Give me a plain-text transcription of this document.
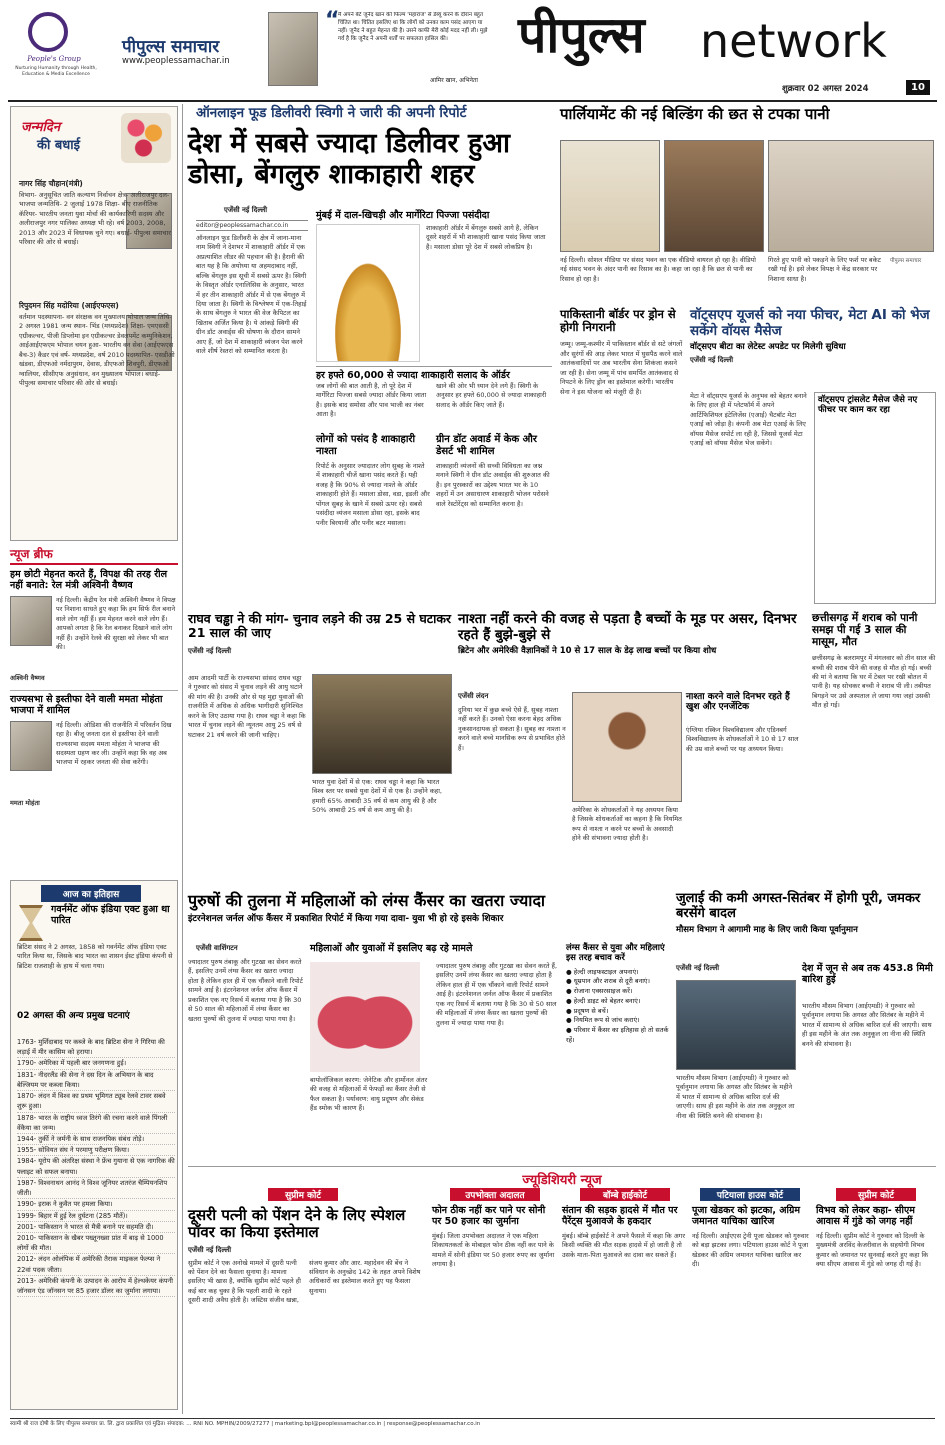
People's Group
Nurturing Humanity through Health, Education & Media Excellence
पीपुल्स समाचार
www.peoplessamachar.in
“
मैं अपने बेटे जुनैद खान की फिल्म 'महाराज' से डेब्यू करने के दौरान बहुत चिंतित था। चिंतित इसलिए था कि लोगों को उनका काम पसंद आएगा या नहीं। जुनैद ने बहुत मेहनत की है। उसने काफी मेरी कोई मदद नहीं ली। मुझे गर्व है कि जुनैद ने अपनी शर्तों पर सफलता हासिल की।
आमिर खान, अभिनेता
पीपुल्स network
शुक्रवार 02 अगस्त 2024	10
जन्मदिन
की बधाई
नागर सिंह चौहान(मंत्री)
विभाग- अनुसूचित जाति कल्याण निर्वाचन क्षेत्र- अलीराजपुर दल- भाजपा जन्मतिथि- 2 जुलाई 1978 शिक्षा- बीए राजनीतिक कॅरियर- भारतीय जनता युवा मोर्चा की कार्यकारिणी सदस्य और अलीराजपुर नगर पालिका अध्यक्ष भी रहे। वर्ष 2003, 2008, 2013 और 2023 में विधायक चुने गए। बधाई- पीपुल्स समाचार परिवार की ओर से बधाई।
रिपुदमन सिंह मदोरिया (आईएफएस)
वर्तमान पदस्थापना- वन संरक्षक वन मुख्यालय भोपाल जन्म तिथि- 2 अगस्त 1981 जन्म स्थान- भिंड (मध्यप्रदेश) शिक्षा- एमएससी एग्रीकल्चर, पीजी डिप्लोमा इन एग्रीकल्चर डेवलपमेंट कम्युनिकेशन, आईआईएफएम भोपाल चयन हुआ- भारतीय वन सेवा (आईएफएस बैच-3) कैडर एवं वर्ष- मध्यप्रदेश, वर्ष 2010 पदस्थापित- एसडीओ खंडवा, डीएफओ नर्मदापुरम, देवास, डीएफओ शिवपुरी, डीएफओ ग्वालियर, सीसीएफ अनुसंधान, वन मुख्यालय भोपाल। बधाई- पीपुल्स समाचार परिवार की ओर से बधाई।
न्यूज ब्रीफ
हम छोटी मेहनत करते हैं, विपक्ष की तरह रील नहीं बनाते: रेल मंत्री अश्विनी वैष्णव
नई दिल्ली। केंद्रीय रेल मंत्री अश्विनी वैष्णव ने विपक्ष पर निशाना साधते हुए कहा कि हम सिर्फ रील बनाने वाले लोग नहीं हैं। हम मेहनत करने वाले लोग हैं। आपको लगता है कि रेल बनाकर दिखाने वाले लोग नहीं हैं। उन्होंने रेलवे की सुरक्षा को लेकर भी बात की।
अश्विनी वैष्णव
राज्यसभा से इस्तीफा देने वाली ममता मोहंता भाजपा में शामिल
नई दिल्ली। ओडिशा की राजनीति में परिवर्तन दिख रहा है। बीजू जनता दल से इस्तीफा देने वाली राज्यसभा सदस्य ममता मोहंता ने भाजपा की सदस्यता ग्रहण कर ली। उन्होंने कहा कि वह अब भाजपा में रहकर जनता की सेवा करेंगी।
ममता मोहंता
आज का इतिहास
गवर्नमेंट ऑफ इंडिया एक्ट हुआ था पारित
ब्रिटिश संसद ने 2 अगस्त, 1858 को गवर्नमेंट ऑफ इंडिया एक्ट पारित किया था, जिसके बाद भारत का शासन ईस्ट इंडिया कंपनी से ब्रिटिश राजशाही के हाथ में चला गया।
02 अगस्त की अन्य प्रमुख घटनाएं
1763- मुर्शिदाबाद पर कब्जे के बाद ब्रिटिश सेना ने गिरिया की लड़ाई में मीर कासिम को हराया।
1790- अमेरिका में पहली बार जनगणना हुई।
1831- नीदरलैंड की सेना ने दस दिन के अभियान के बाद बेल्जियम पर कब्जा किया।
1870- लंदन में विश्व का प्रथम भूमिगत ट्यूब रेलवे टावर सबवे शुरू हुआ।
1878- भारत के राष्ट्रीय ध्वज तिरंगे की रचना करने वाले पिंगली वेंकैया का जन्म।
1944- तुर्की ने जर्मनी के साथ राजनयिक संबंध तोड़े।
1955- सोवियत संघ ने परमाणु परीक्षण किया।
1984- यूरोप की अंतरिक्ष संस्था ने फ्रेंच गुयाना से एक नागरिक की फ्लाइट को सफल बनाया।
1987- विश्वनाथन आनंद ने विश्व जूनियर शतरंज चैम्पियनशिप जीती।
1990- इराक ने कुवैत पर हमला किया।
1999- बिहार में हुई रेल दुर्घटना (285 मौतें)।
2001- पाकिस्तान ने भारत से मैत्री बनाने पर सहमति दी।
2010- पाकिस्तान के खैबर पख्तूनख्वा प्रांत में बाढ़ से 1000 लोगों की मौत।
2012- लंदन ओलंपिक में अमेरिकी तैराक माइकल फेल्प्स ने 22वां पदक जीता।
2013- अमेरिकी कंपनी के उत्पादन के आरोप में हेल्थकेयर कंपनी जॉनसन एंड जॉनसन पर 85 हजार डॉलर का जुर्माना लगाया।
ऑनलाइन फूड डिलीवरी स्विगी ने जारी की अपनी रिपोर्ट
देश में सबसे ज्यादा डिलीवर हुआ डोसा, बेंगलुरु शाकाहारी शहर
एजेंसी नई दिल्ली
editor@peoplessamachar.co.in
मुंबई में दाल-खिचड़ी और मार्गेरिटा पिज्जा पसंदीदा
ऑनलाइन फूड डिलीवरी के क्षेत्र में जाना-माना नाम स्विगी ने देशभर में शाकाहारी ऑर्डर में एक अप्रत्याशित लीडर की पहचान की है। हैरानी की बात यह है कि अयोध्या या अहमदाबाद नहीं, बल्कि बेंगलुरु इस सूची में सबसे ऊपर है। स्विगी के विस्तृत ऑर्डर एनालिसिस के अनुसार, भारत में हर तीन शाकाहारी ऑर्डर में से एक बेंगलुरु में दिया जाता है। स्विगी के विश्लेषण में एक-तिहाई के साथ बेंगलुरु ने भारत की वेज कैपिटल का खिताब अर्जित किया है। ये आंकड़े स्विगी की ग्रीन डॉट अवार्ड्स की घोषणा के दौरान सामने आए हैं, जो देश में शाकाहारी व्यंजन पेश करने वाले शीर्ष रेस्तरां को सम्मानित करता है।
शाकाहारी ऑर्डर में बेंगलुरु सबसे आगे है, लेकिन दूसरे शहरों में भी शाकाहारी खाना पसंद किया जाता है। मसाला डोसा पूरे देश में सबसे लोकप्रिय है।
हर हफ्ते 60,000 से ज्यादा शाकाहारी सलाद के ऑर्डर
जब लोगों की बात आती है, तो पूरे देश में मार्गेरिटा पिज्जा सबसे ज्यादा ऑर्डर किया जाता है। इसके बाद समोसा और पाव भाजी का नंबर आता है।
खाने की ओर भी ध्यान देने लगे हैं। स्विगी के अनुसार हर हफ्ते 60,000 से ज्यादा शाकाहारी सलाद के ऑर्डर किए जाते हैं।
लोगों को पसंद है शाकाहारी नाश्ता
रिपोर्ट के अनुसार ज्यादातर लोग सुबह के नाश्ते में शाकाहारी चीजें खाना पसंद करते हैं। यही वजह है कि 90% से ज्यादा नाश्ते के ऑर्डर शाकाहारी होते हैं। मसाला डोसा, वडा, इडली और पोंगल सुबह के खाने में सबसे ऊपर रहे। सबसे पसंदीदा व्यंजन मसाला डोसा रहा, इसके बाद पनीर बिरयानी और पनीर बटर मसाला।
ग्रीन डॉट अवार्ड में केक और डेसर्ट भी शामिल
शाकाहारी व्यंजनों की सच्ची विविधता का जश्न मनाने स्विगी ने ग्रीन डॉट अवार्ड्स की शुरुआत की है। इन पुरस्कारों का उद्देश्य भारत भर के 10 शहरों में उन असाधारण शाकाहारी भोजन परोसने वाले रेस्टोरेंट्स को सम्मानित करना है।
पार्लियामेंट की नई बिल्डिंग की छत से टपका पानी
नई दिल्ली। सोशल मीडिया पर संसद भवन का एक वीडियो वायरल हो रहा है। वीडियो नई संसद भवन के अंदर पानी का रिसाव का है। कहा जा रहा है कि छत से पानी का रिसाव हो रहा है।
गिरते हुए पानी को पकड़ने के लिए फर्श पर बकेट रखी गई है। इसे लेकर विपक्ष ने केंद्र सरकार पर निशाना साधा है।
पीपुल्स समाचार
पाकिस्तानी बॉर्डर पर ड्रोन से होगी निगरानी
जम्मू। जम्मू-कश्मीर में पाकिस्तान बॉर्डर से सटे जंगलों और सुरंगों की आड़ लेकर भारत में घुसपैठ करने वाले आतंकवादियों पर अब भारतीय सेना शिकंजा कसने जा रही है। सेना जम्मू में पांच समर्पित आतंकवाद से निपटने के लिए ड्रोन का इस्तेमाल करेगी। भारतीय सेना ने इस योजना को मंजूरी दी है।
वॉट्सएप यूजर्स को नया फीचर, मेटा AI को भेज सकेंगे वॉयस मैसेज
वॉट्सएप बीटा का लेटेस्ट अपडेट पर मिलेगी सुविधा
एजेंसी नई दिल्ली
मेटा ने वॉट्सएप यूजर्स के अनुभव को बेहतर बनाने के लिए हाल ही में प्लेटफॉर्म में अपने आर्टिफिशियल इंटेलिजेंस (एआई) चैटबॉट मेटा एआई को जोड़ा है। कंपनी अब मेटा एआई के लिए वॉयस मैसेज सपोर्ट ला रही है, जिससे यूजर्स मेटा एआई को वॉयस मैसेज भेज सकेंगे।
वॉट्सएप ट्रांसलेट मैसेज जैसे नए फीचर पर काम कर रहा
राघव चड्ढा ने की मांग- चुनाव लड़ने की उम्र 25 से घटाकर 21 साल की जाए
एजेंसी नई दिल्ली
आम आदमी पार्टी के राज्यसभा सांसद राघव चड्ढा ने गुरुवार को संसद में चुनाव लड़ने की आयु घटाने की मांग की है। उनकी ओर से यह मुद्दा युवाओं की राजनीति में अधिक से अधिक भागीदारी सुनिश्चित करने के लिए उठाया गया है। राघव चड्ढा ने कहा कि भारत में चुनाव लड़ने की न्यूनतम आयु 25 वर्ष से घटाकर 21 वर्ष करने की जानी चाहिए।
भारत युवा देशों में से एक: राघव चड्ढा ने कहा कि भारत विश्व स्तर पर सबसे युवा देशों में से एक है। उन्होंने कहा, हमारी 65% आबादी 35 वर्ष से कम आयु की है और 50% आबादी 25 वर्ष से कम आयु की है।
नाश्ता नहीं करने की वजह से पड़ता है बच्चों के मूड पर असर, दिनभर रहते हैं बुझे-बुझे से
ब्रिटेन और अमेरिकी वैज्ञानिकों ने 10 से 17 साल के डेढ़ लाख बच्चों पर किया शोध
एजेंसी लंदन
दुनिया भर में कुछ बच्चे ऐसे हैं, सुबह नाश्ता नहीं करते हैं। उनको ऐसा करना बेहद अधिक नुकसानदायक हो सकता है। सुबह का नाश्ता न करने वाले बच्चे मानसिक रूप से प्रभावित होते हैं।
अमेरिका के शोधकर्ताओं ने यह अध्ययन किया है जिसके शोधकर्ताओं का कहना है कि नियमित रूप से नाश्ता न करने पर बच्चों के अवसादी होने की संभावना ज्यादा होती है।
नाश्ता करने वाले दिनभर रहते हैं खुश और एनर्जेटिक
एंग्लिया रस्किन विश्वविद्यालय और एडिनबर्ग विश्वविद्यालय के शोधकर्ताओं ने 10 से 17 साल की उम्र वाले बच्चों पर यह अध्ययन किया।
छत्तीसगढ़ में शराब को पानी समझ पी गई 3 साल की मासूम, मौत
छत्तीसगढ़ के बलरामपुर में मंगलवार को तीन साल की बच्ची की शराब पीने की वजह से मौत हो गई। बच्ची की मां ने बताया कि घर में टेबल पर रखी बोतल में पानी है। यह सोचकर बच्ची ने शराब पी ली। तबीयत बिगड़ने पर उसे अस्पताल ले जाया गया जहां उसकी मौत हो गई।
पुरुषों की तुलना में महिलाओं को लंग्स कैंसर का खतरा ज्यादा
इंटरनेशनल जर्नल ऑफ कैंसर में प्रकाशित रिपोर्ट में किया गया दावा- युवा भी हो रहे इसके शिकार
एजेंसी वाशिंगटन
ज्यादातर पुरुष तंबाकू और गुटखा का सेवन करते हैं, इसलिए उनमें लंग्स कैंसर का खतरा ज्यादा होता है लेकिन हाल ही में एक चौंकाने वाली रिपोर्ट सामने आई है। इंटरनेशनल जर्नल ऑफ कैंसर में प्रकाशित एक नए रिसर्च में बताया गया है कि 30 से 50 साल की महिलाओं में लंग्स कैंसर का खतरा पुरुषों की तुलना में ज्यादा पाया गया है।
महिलाओं और युवाओं में इसलिए बढ़ रहे मामले
बायोलॉजिकल कारण: जेनेटिक और हार्मोनल अंतर की वजह से महिलाओं में फेफड़ों का कैंसर तेजी से फैल सकता है। पर्यावरण: वायु प्रदूषण और सेकंड हैंड स्मोक भी कारण हैं।
ज्यादातर पुरुष तंबाकू और गुटखा का सेवन करते हैं, इसलिए उनमें लंग्स कैंसर का खतरा ज्यादा होता है लेकिन हाल ही में एक चौंकाने वाली रिपोर्ट सामने आई है। इंटरनेशनल जर्नल ऑफ कैंसर में प्रकाशित एक नए रिसर्च में बताया गया है कि 30 से 50 साल की महिलाओं में लंग्स कैंसर का खतरा पुरुषों की तुलना में ज्यादा पाया गया है।
लंग्स कैंसर से युवा और महिलाएं इस तरह बचाव करें
● हेल्दी लाइफस्टाइल अपनाएं।
● धूम्रपान और शराब से दूरी बनाएं।
● रोजाना एक्सरसाइज करें।
● हेल्दी डाइट को बेहतर बनाएं।
● प्रदूषण से बचें।
● नियमित रूप से जांच कराएं।
● परिवार में कैंसर का इतिहास हो तो सतर्क रहें।
जुलाई की कमी अगस्त-सितंबर में होगी पूरी, जमकर बरसेंगे बादल
मौसम विभाग ने आगामी माह के लिए जारी किया पूर्वानुमान
एजेंसी नई दिल्ली
भारतीय मौसम विभाग (आईएमडी) ने गुरुवार को पूर्वानुमान लगाया कि अगस्त और सितंबर के महीने में भारत में सामान्य से अधिक बारिश दर्ज की जाएगी। साथ ही इस महीने के अंत तक अनुकूल ला नीना की स्थिति बनने की संभावना है।
देश में जून से अब तक 453.8 मिमी बारिश हुई
भारतीय मौसम विभाग (आईएमडी) ने गुरुवार को पूर्वानुमान लगाया कि अगस्त और सितंबर के महीने में भारत में सामान्य से अधिक बारिश दर्ज की जाएगी। साथ ही इस महीने के अंत तक अनुकूल ला नीना की स्थिति बनने की संभावना है।
ज्यूडिशियरी न्यूज
सुप्रीम कोर्ट
दूसरी पत्नी को पेंशन देने के लिए स्पेशल पॉवर का किया इस्तेमाल
एजेंसी नई दिल्ली
सुप्रीम कोर्ट ने एक अनोखे मामले में दूसरी पत्नी को पेंशन देने का फैसला सुनाया है। मामला इसलिए भी खास है, क्योंकि सुप्रीम कोर्ट पहले ही कई बार कह चुका है कि पहली शादी के रहते दूसरी शादी अवैध होती है। जस्टिस संजीव खन्ना, संजय कुमार और आर. महादेवन की बेंच ने संविधान के अनुच्छेद 142 के तहत अपने विशेष अधिकारों का इस्तेमाल करते हुए यह फैसला सुनाया।
उपभोक्ता अदालत
फोन ठीक नहीं कर पाने पर सोनी पर 50 हजार का जुर्माना
मुंबई। जिला उपभोक्ता अदालत ने एक महिला शिकायतकर्ता के मोबाइल फोन ठीक नहीं कर पाने के मामले में सोनी इंडिया पर 50 हजार रुपए का जुर्माना लगाया है।
बॉम्बे हाईकोर्ट
संतान की सड़क हादसे में मौत पर पैरेंट्स मुआवजे के हकदार
मुंबई। बॉम्बे हाईकोर्ट ने अपने फैसले में कहा कि अगर किसी व्यक्ति की मौत सड़क हादसे में हो जाती है तो उसके माता-पिता मुआवजे का दावा कर सकते हैं।
पटियाला हाउस कोर्ट
पूजा खेडकर को झटका, अग्रिम जमानत याचिका खारिज
नई दिल्ली। आईएएस ट्रेनी पूजा खेडकर को गुरुवार को बड़ा झटका लगा। पटियाला हाउस कोर्ट ने पूजा खेडकर की अग्रिम जमानत याचिका खारिज कर दी।
सुप्रीम कोर्ट
विभव को लेकर कहा- सीएम आवास में गुंडे को जगह नहीं
नई दिल्ली। सुप्रीम कोर्ट ने गुरुवार को दिल्ली के मुख्यमंत्री अरविंद केजरीवाल के सहयोगी विभव कुमार को जमानत पर सुनवाई करते हुए कहा कि क्या सीएम आवास में गुंडे को जगह दी गई है।
स्वामी श्री राज दोषी के लिए पीपुल्स समाचार प्रा. लि. द्वारा प्रकाशित एवं मुद्रित। संपादक: ... RNI NO. MPHIN/2009/27277 | marketing.bpl@peoplessamachar.co.in | response@peoplessamachar.co.in
